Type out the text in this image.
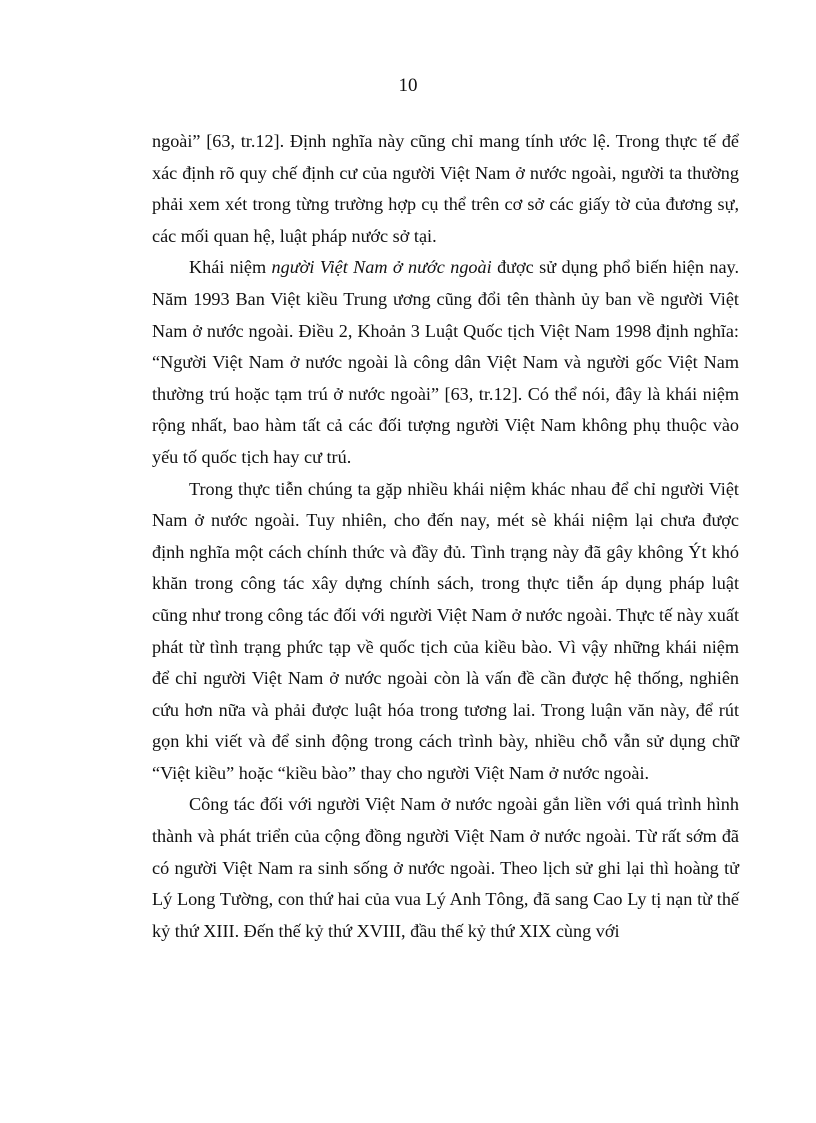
10

ngoài” [63, tr.12]. Định nghĩa này cũng chỉ mang tính ước lệ. Trong thực tế để xác định rõ quy chế định cư của người Việt Nam ở nước ngoài, người ta thường phải xem xét trong từng trường hợp cụ thể trên cơ sở các giấy tờ của đương sự, các mối quan hệ, luật pháp nước sở tại.

Khái niệm người Việt Nam ở nước ngoài được sử dụng phổ biến hiện nay. Năm 1993 Ban Việt kiều Trung ương cũng đổi tên thành ủy ban về người Việt Nam ở nước ngoài. Điều 2, Khoản 3 Luật Quốc tịch Việt Nam 1998 định nghĩa: “Người Việt Nam ở nước ngoài là công dân Việt Nam và người gốc Việt Nam thường trú hoặc tạm trú ở nước ngoài” [63, tr.12]. Có thể nói, đây là khái niệm rộng nhất, bao hàm tất cả các đối tượng người Việt Nam không phụ thuộc vào yếu tố quốc tịch hay cư trú.

Trong thực tiễn chúng ta gặp nhiều khái niệm khác nhau để chỉ người Việt Nam ở nước ngoài. Tuy nhiên, cho đến nay, mét sè khái niệm lại chưa được định nghĩa một cách chính thức và đầy đủ. Tình trạng này đã gây không Ýt khó khăn trong công tác xây dựng chính sách, trong thực tiễn áp dụng pháp luật cũng như trong công tác đối với người Việt Nam ở nước ngoài. Thực tế này xuất phát từ tình trạng phức tạp về quốc tịch của kiều bào. Vì vậy những khái niệm để chỉ người Việt Nam ở nước ngoài còn là vấn đề cần được hệ thống, nghiên cứu hơn nữa và phải được luật hóa trong tương lai. Trong luận văn này, để rút gọn khi viết và để sinh động trong cách trình bày, nhiều chỗ vẫn sử dụng chữ “Việt kiều” hoặc “kiều bào” thay cho người Việt Nam ở nước ngoài.

Công tác đối với người Việt Nam ở nước ngoài gắn liền với quá trình hình thành và phát triển của cộng đồng người Việt Nam ở nước ngoài. Từ rất sớm đã có người Việt Nam ra sinh sống ở nước ngoài. Theo lịch sử ghi lại thì hoàng tử Lý Long Tường, con thứ hai của vua Lý Anh Tông, đã sang Cao Ly tị nạn từ thế kỷ thứ XIII. Đến thế kỷ thứ XVIII, đầu thế kỷ thứ XIX cùng với
